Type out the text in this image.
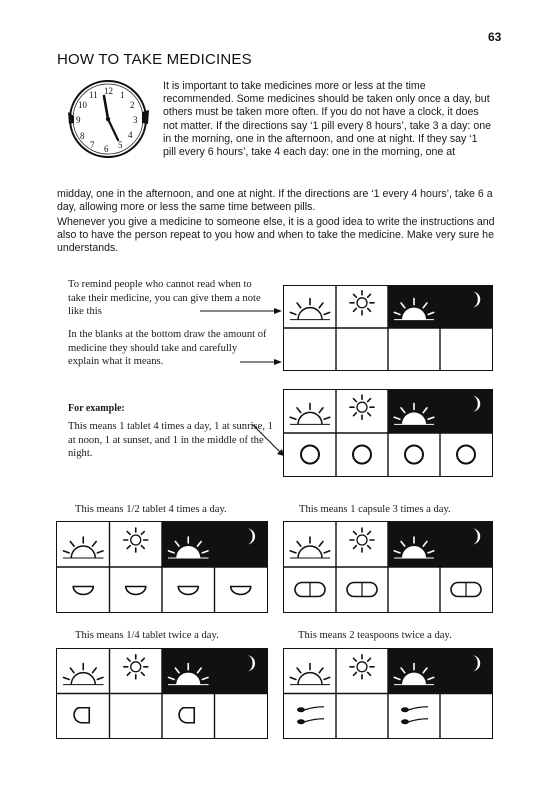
63
HOW TO TAKE MEDICINES
12 1
2
3
4
5
6
7
8
9
10
11
It is important to take medicines more or less at the time recommended. Some medicines should be taken only once a day, but others must be taken more often. If you do not have a clock, it does not matter. If the directions say ‘1 pill every 8 hours’, take 3 a day: one in the morning, one in the afternoon, and one at night. If they say ‘1 pill every 6 hours’, take 4 each day: one in the morning, one at
midday, one in the afternoon, and one at night. If the directions are ‘1 every 4 hours’, take 6 a day, allowing more or less the same time between pills.
Whenever you give a medicine to someone else, it is a good idea to write the instructions and also to have the person repeat to you how and when to take the medicine. Make very sure he understands.
To remind people who cannot read when to take their medicine, you can give them a note like this
In the blanks at the bottom draw the amount of medicine they should take and carefully explain what it means.
For example:
This means 1 tablet 4 times a day, 1 at sunrise, 1 at noon, 1 at sunset, and 1 in the middle of the night.
This means 1/2 tablet 4 times a day.	This means 1 capsule 3 times a day.
This means 1/4 tablet twice a day.	This means 2 teaspoons twice a day.
